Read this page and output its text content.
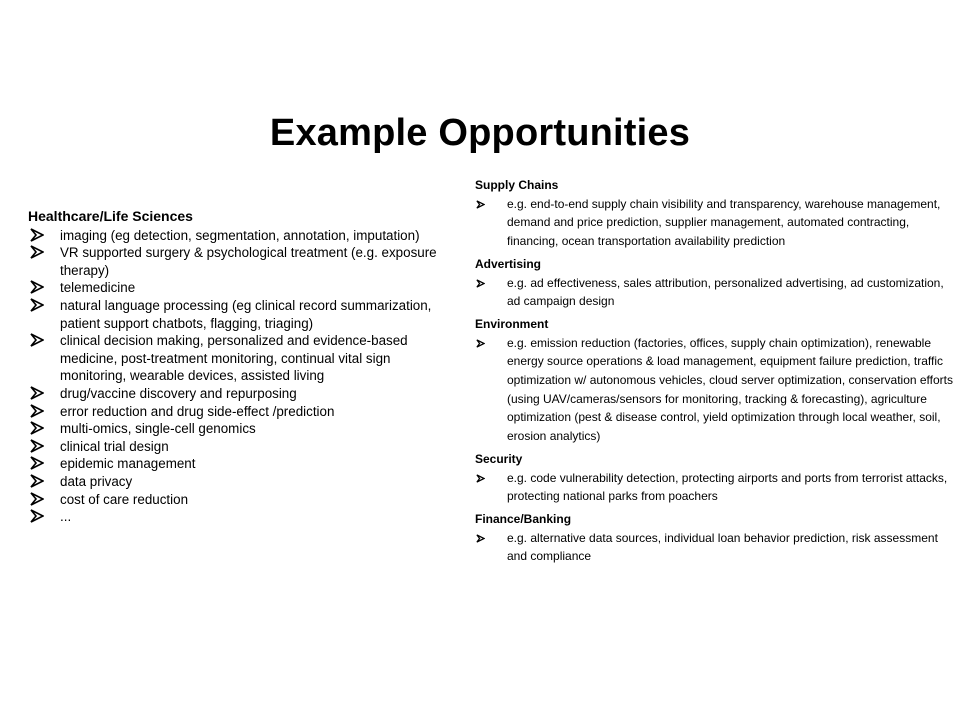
Example Opportunities
Healthcare/Life Sciences
imaging (eg detection, segmentation, annotation, imputation)
VR supported surgery & psychological treatment (e.g. exposure therapy)
telemedicine
natural language processing (eg clinical record summarization, patient support chatbots, flagging, triaging)
clinical decision making, personalized and evidence-based medicine, post-treatment monitoring, continual vital sign monitoring, wearable devices, assisted living
drug/vaccine discovery and repurposing
error reduction and drug side-effect /prediction
multi-omics, single-cell genomics
clinical trial design
epidemic management
data privacy
cost of care reduction
...
Supply Chains
e.g. end-to-end supply chain visibility and transparency, warehouse management, demand and price prediction, supplier management, automated contracting, financing, ocean transportation availability prediction
Advertising
e.g. ad effectiveness, sales attribution, personalized advertising, ad customization, ad campaign design
Environment
e.g. emission reduction (factories, offices, supply chain optimization), renewable energy source operations & load management, equipment failure prediction, traffic optimization w/ autonomous vehicles, cloud server optimization, conservation efforts (using UAV/cameras/sensors for monitoring, tracking & forecasting), agriculture optimization (pest & disease control, yield optimization through local weather, soil, erosion analytics)
Security
e.g. code vulnerability detection, protecting airports and ports from terrorist attacks, protecting national parks from poachers
Finance/Banking
e.g. alternative data sources, individual loan behavior prediction, risk assessment and compliance
